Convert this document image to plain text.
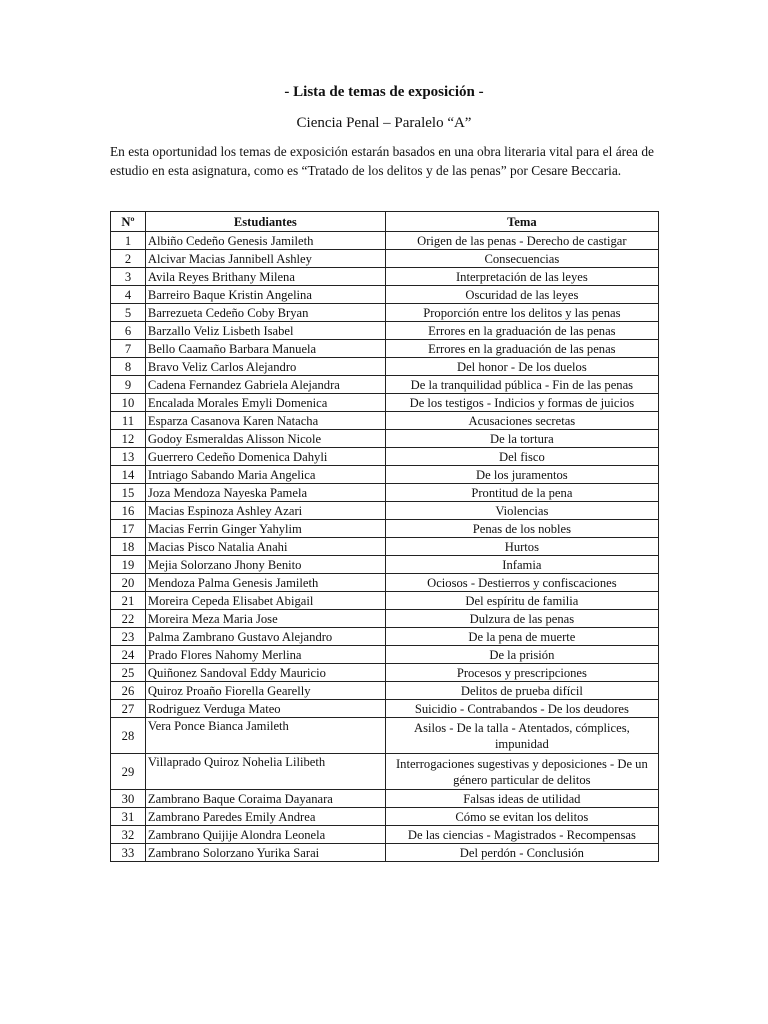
- Lista de temas de exposición -
Ciencia Penal – Paralelo “A”
En esta oportunidad los temas de exposición estarán basados en una obra literaria vital para el área de estudio en esta asignatura, como es “Tratado de los delitos y de las penas” por Cesare Beccaria.
Nº	Estudiantes	Tema
1	Albiño Cedeño Genesis Jamileth	Origen de las penas - Derecho de castigar
2	Alcivar Macias Jannibell Ashley	Consecuencias
3	Avila Reyes Brithany Milena	Interpretación de las leyes
4	Barreiro Baque Kristin Angelina	Oscuridad de las leyes
5	Barrezueta Cedeño Coby Bryan	Proporción entre los delitos y las penas
6	Barzallo Veliz Lisbeth Isabel	Errores en la graduación de las penas
7	Bello Caamaño Barbara Manuela	Errores en la graduación de las penas
8	Bravo Veliz Carlos Alejandro	Del honor - De los duelos
9	Cadena Fernandez Gabriela Alejandra	De la tranquilidad pública - Fin de las penas
10	Encalada Morales Emyli Domenica	De los testigos - Indicios y formas de juicios
11	Esparza Casanova Karen Natacha	Acusaciones secretas
12	Godoy Esmeraldas Alisson Nicole	De la tortura
13	Guerrero Cedeño Domenica Dahyli	Del fisco
14	Intriago Sabando Maria Angelica	De los juramentos
15	Joza Mendoza Nayeska Pamela	Prontitud de la pena
16	Macias Espinoza Ashley Azari	Violencias
17	Macias Ferrin Ginger Yahylim	Penas de los nobles
18	Macias Pisco Natalia Anahi	Hurtos
19	Mejia Solorzano Jhony Benito	Infamia
20	Mendoza Palma Genesis Jamileth	Ociosos - Destierros y confiscaciones
21	Moreira Cepeda Elisabet Abigail	Del espíritu de familia
22	Moreira Meza Maria Jose	Dulzura de las penas
23	Palma Zambrano Gustavo Alejandro	De la pena de muerte
24	Prado Flores Nahomy Merlina	De la prisión
25	Quiñonez Sandoval Eddy Mauricio	Procesos y prescripciones
26	Quiroz Proaño Fiorella Gearelly	Delitos de prueba difícil
27	Rodriguez Verduga Mateo	Suicidio - Contrabandos - De los deudores
28	Vera Ponce Bianca Jamileth	Asilos - De la talla - Atentados, cómplices, impunidad
29	Villaprado Quiroz Nohelia Lilibeth	Interrogaciones sugestivas y deposiciones - De un género particular de delitos
30	Zambrano Baque Coraima Dayanara	Falsas ideas de utilidad
31	Zambrano Paredes Emily Andrea	Cómo se evitan los delitos
32	Zambrano Quijije Alondra Leonela	De las ciencias - Magistrados - Recompensas
33	Zambrano Solorzano Yurika Sarai	Del perdón - Conclusión
